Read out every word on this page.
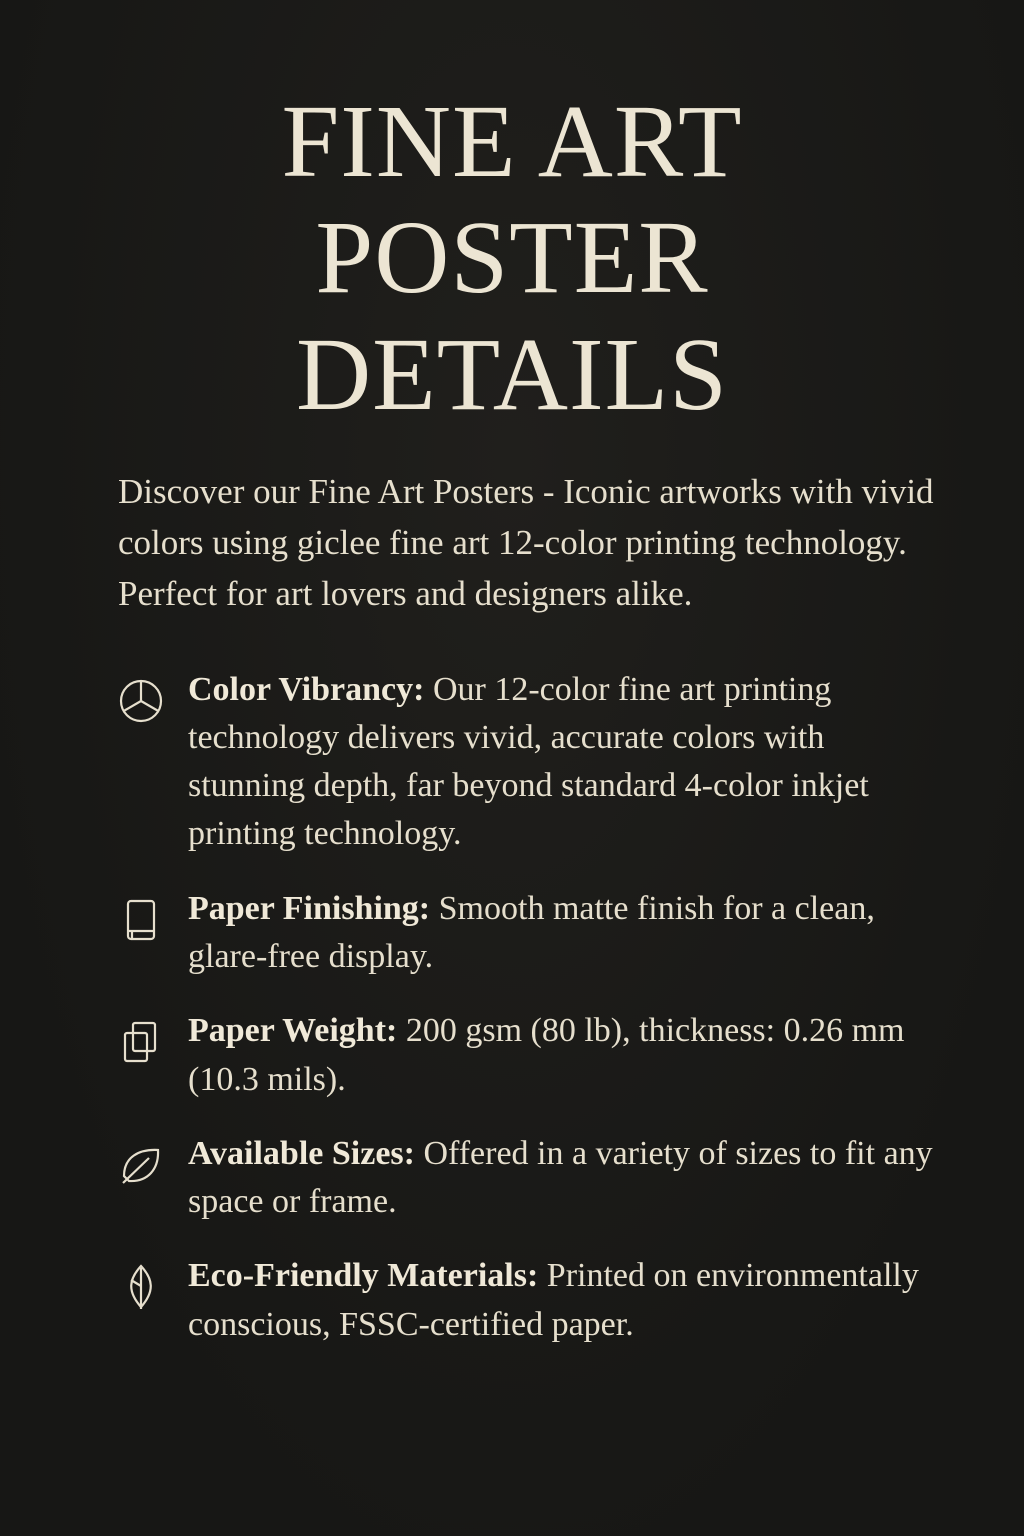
FINE ART
POSTER
DETAILS

Discover our Fine Art Posters - Iconic artworks with vivid colors using giclee fine art 12-color printing technology. Perfect for art lovers and designers alike.

Color Vibrancy: Our 12-color fine art printing technology delivers vivid, accurate colors with stunning depth, far beyond standard 4-color inkjet printing technology.
Paper Finishing: Smooth matte finish for a clean, glare-free display.
Paper Weight: 200 gsm (80 lb), thickness: 0.26 mm (10.3 mils).
Available Sizes: Offered in a variety of sizes to fit any space or frame.
Eco-Friendly Materials: Printed on environmentally conscious, FSSC-certified paper.
